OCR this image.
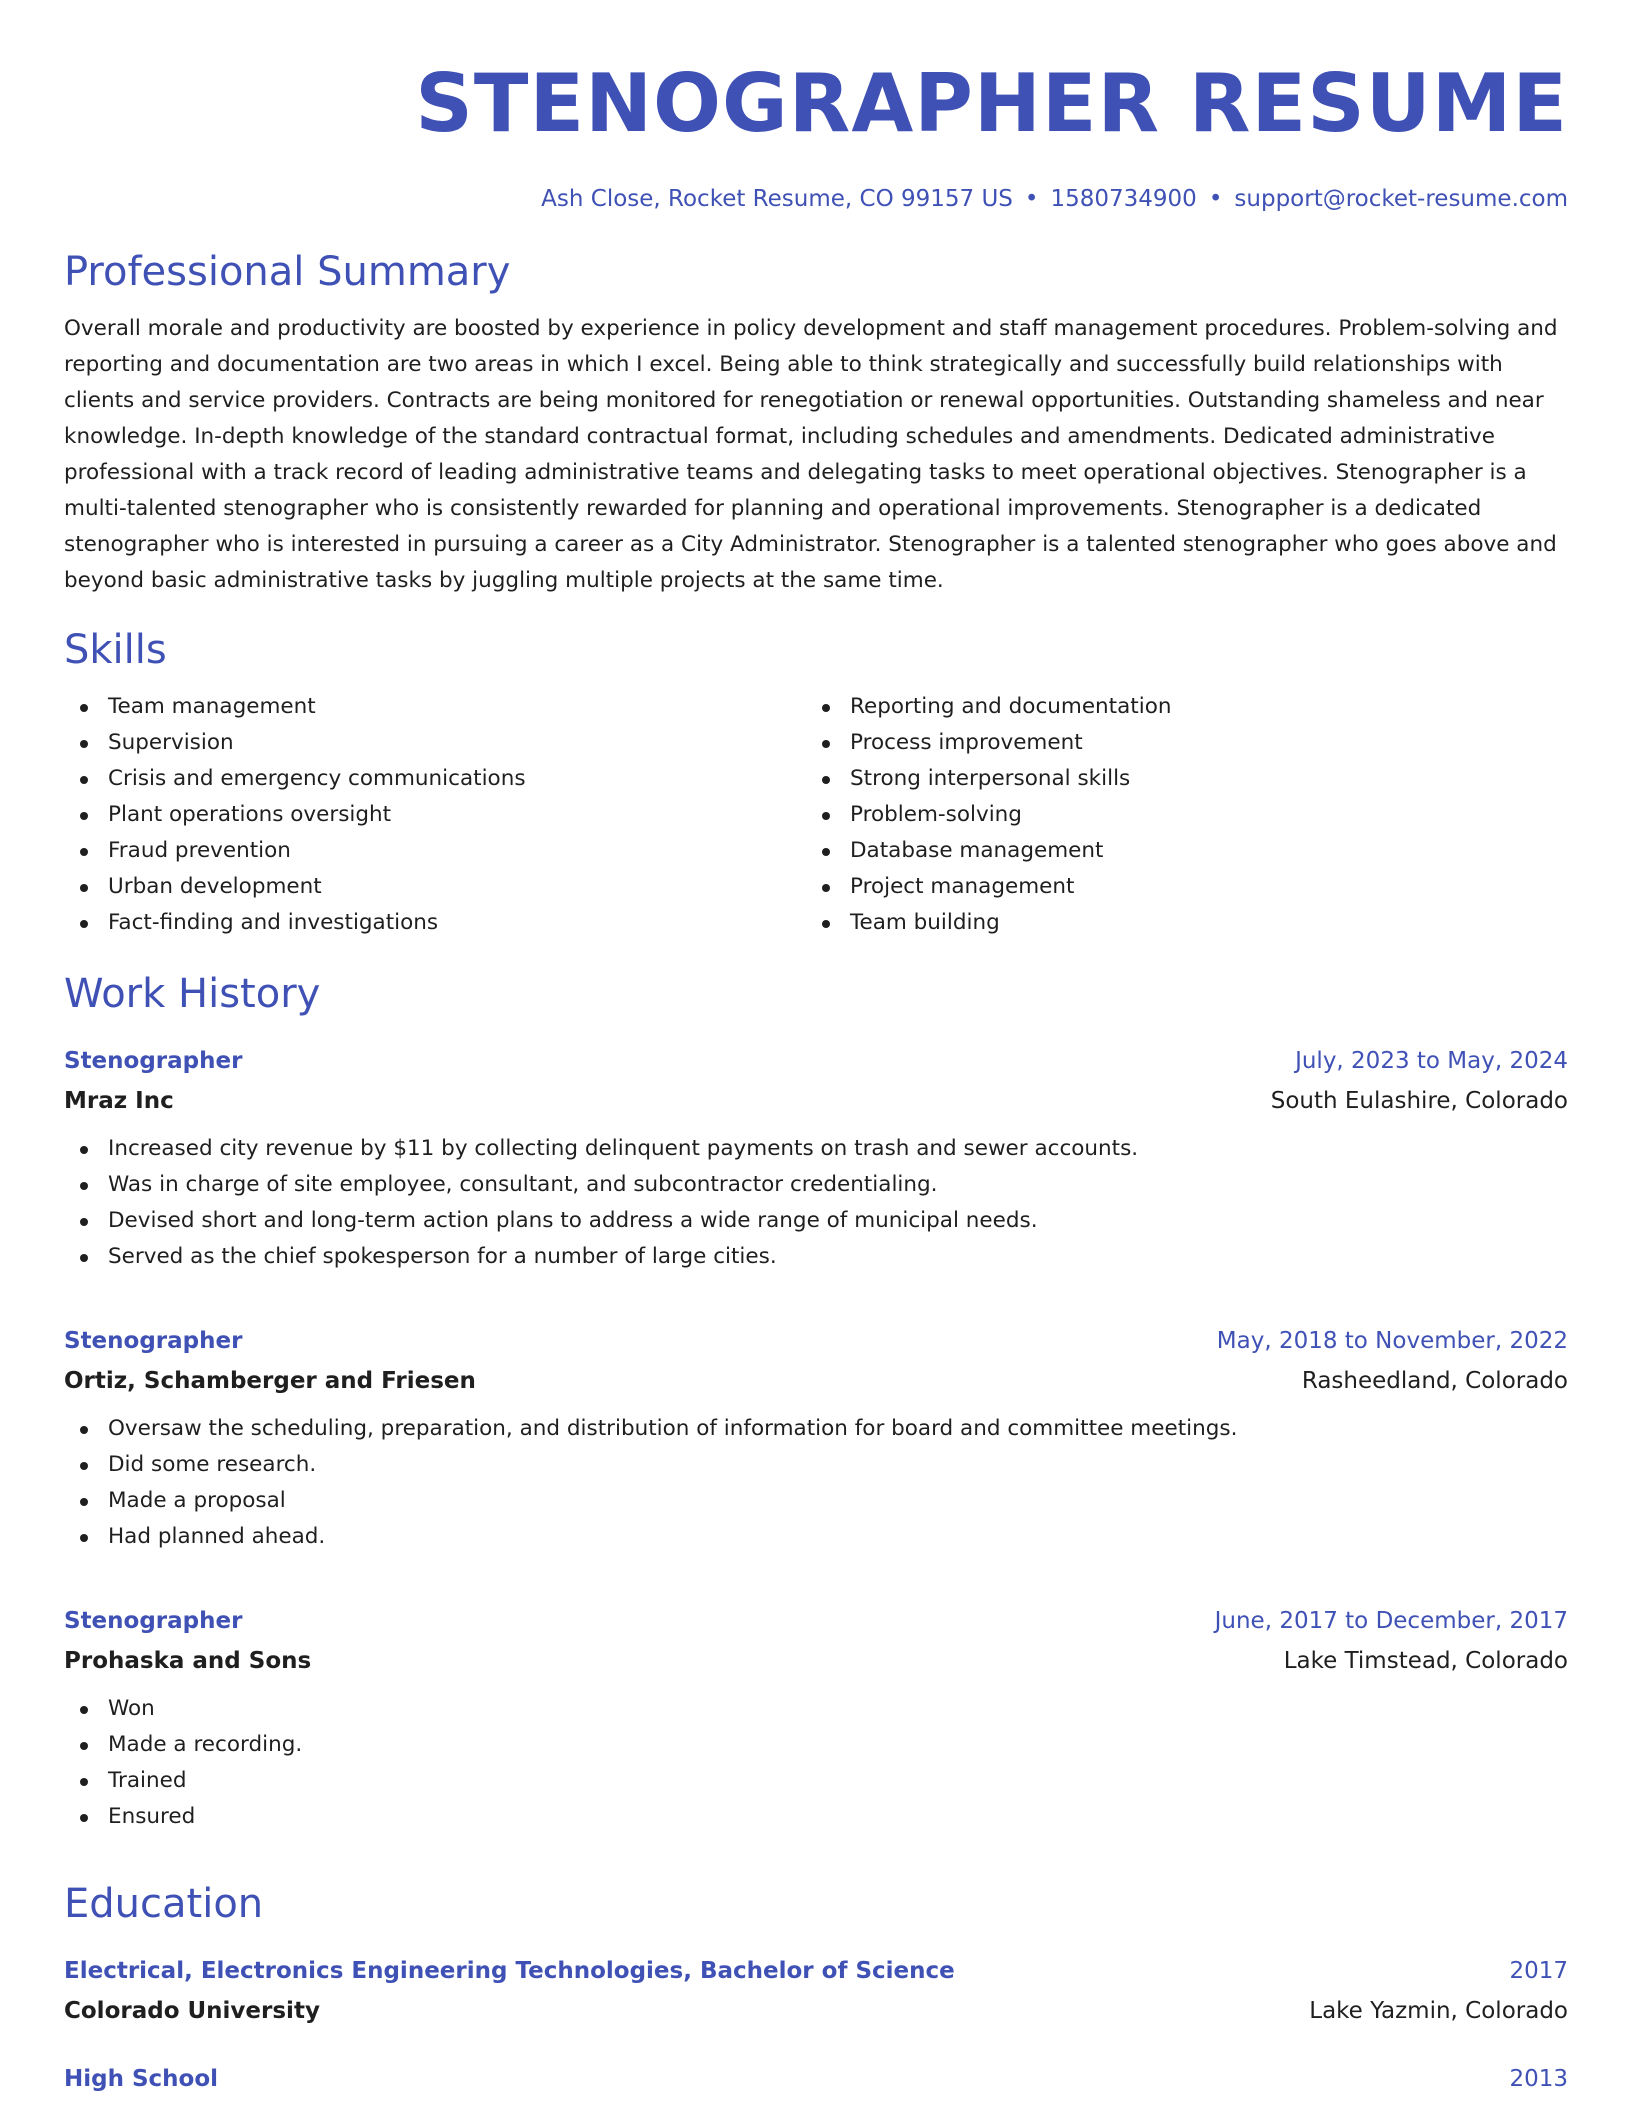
STENOGRAPHER RESUME
Ash Close, Rocket Resume, CO 99157 US • 1580734900 • support@rocket-resume.com
Professional Summary
Overall morale and productivity are boosted by experience in policy development and staff management procedures. Problem-solving and reporting and documentation are two areas in which I excel. Being able to think strategically and successfully build relationships with clients and service providers. Contracts are being monitored for renegotiation or renewal opportunities. Outstanding shameless and near knowledge. In-depth knowledge of the standard contractual format, including schedules and amendments. Dedicated administrative professional with a track record of leading administrative teams and delegating tasks to meet operational objectives. Stenographer is a multi-talented stenographer who is consistently rewarded for planning and operational improvements. Stenographer is a dedicated stenographer who is interested in pursuing a career as a City Administrator. Stenographer is a talented stenographer who goes above and beyond basic administrative tasks by juggling multiple projects at the same time.
Skills
Team management
Supervision
Crisis and emergency communications
Plant operations oversight
Fraud prevention
Urban development
Fact-finding and investigations
Reporting and documentation
Process improvement
Strong interpersonal skills
Problem-solving
Database management
Project management
Team building
Work History
Stenographer	July, 2023 to May, 2024
Mraz Inc	South Eulashire, Colorado
Increased city revenue by $11 by collecting delinquent payments on trash and sewer accounts.
Was in charge of site employee, consultant, and subcontractor credentialing.
Devised short and long-term action plans to address a wide range of municipal needs.
Served as the chief spokesperson for a number of large cities.
Stenographer	May, 2018 to November, 2022
Ortiz, Schamberger and Friesen	Rasheedland, Colorado
Oversaw the scheduling, preparation, and distribution of information for board and committee meetings.
Did some research.
Made a proposal
Had planned ahead.
Stenographer	June, 2017 to December, 2017
Prohaska and Sons	Lake Timstead, Colorado
Won
Made a recording.
Trained
Ensured
Education
Electrical, Electronics Engineering Technologies, Bachelor of Science	2017
Colorado University	Lake Yazmin, Colorado
High School	2013
